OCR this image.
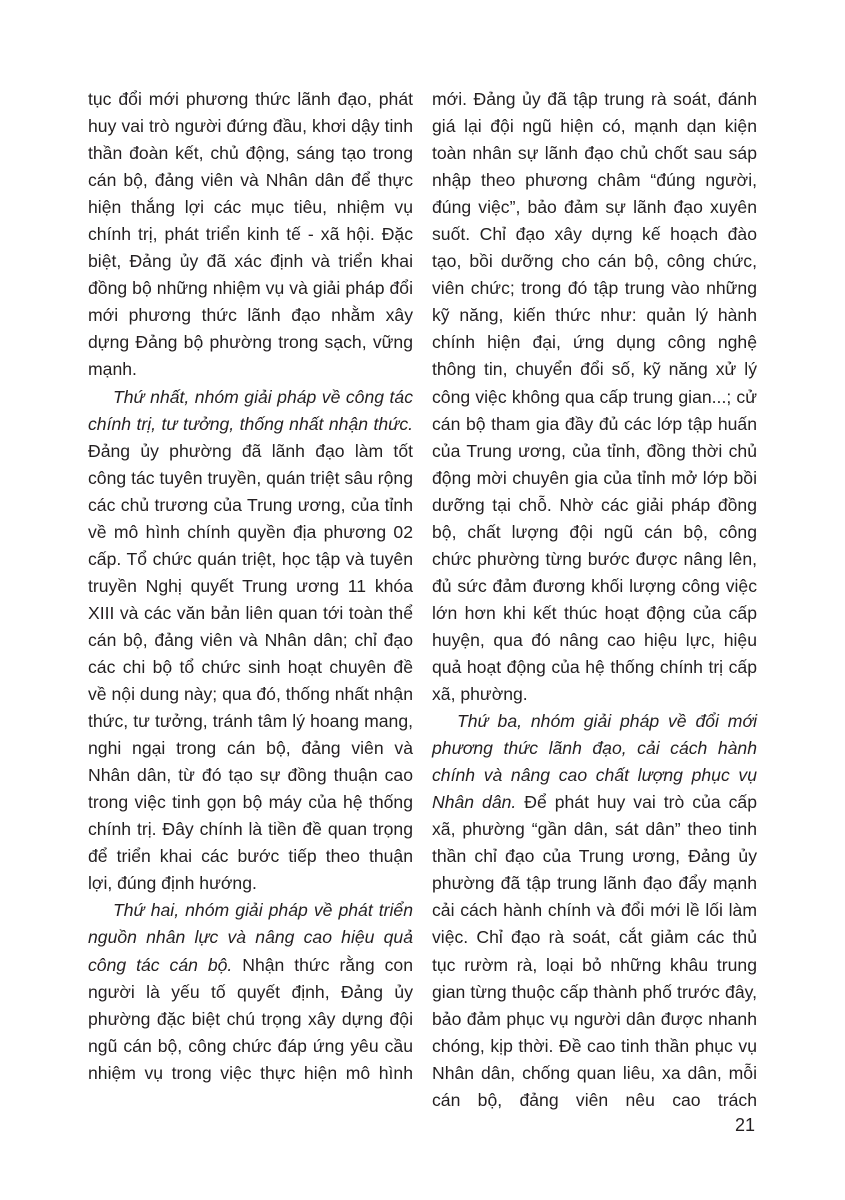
tục đổi mới phương thức lãnh đạo, phát huy vai trò người đứng đầu, khơi dậy tinh thần đoàn kết, chủ động, sáng tạo trong cán bộ, đảng viên và Nhân dân để thực hiện thắng lợi các mục tiêu, nhiệm vụ chính trị, phát triển kinh tế - xã hội. Đặc biệt, Đảng ủy đã xác định và triển khai đồng bộ những nhiệm vụ và giải pháp đổi mới phương thức lãnh đạo nhằm xây dựng Đảng bộ phường trong sạch, vững mạnh.

Thứ nhất, nhóm giải pháp về công tác chính trị, tư tưởng, thống nhất nhận thức. Đảng ủy phường đã lãnh đạo làm tốt công tác tuyên truyền, quán triệt sâu rộng các chủ trương của Trung ương, của tỉnh về mô hình chính quyền địa phương 02 cấp. Tổ chức quán triệt, học tập và tuyên truyền Nghị quyết Trung ương 11 khóa XIII và các văn bản liên quan tới toàn thể cán bộ, đảng viên và Nhân dân; chỉ đạo các chi bộ tổ chức sinh hoạt chuyên đề về nội dung này; qua đó, thống nhất nhận thức, tư tưởng, tránh tâm lý hoang mang, nghi ngại trong cán bộ, đảng viên và Nhân dân, từ đó tạo sự đồng thuận cao trong việc tinh gọn bộ máy của hệ thống chính trị. Đây chính là tiền đề quan trọng để triển khai các bước tiếp theo thuận lợi, đúng định hướng.

Thứ hai, nhóm giải pháp về phát triển nguồn nhân lực và nâng cao hiệu quả công tác cán bộ. Nhận thức rằng con người là yếu tố quyết định, Đảng ủy phường đặc biệt chú trọng xây dựng đội ngũ cán bộ, công chức đáp ứng yêu cầu nhiệm vụ trong việc thực hiện mô hình

mới. Đảng ủy đã tập trung rà soát, đánh giá lại đội ngũ hiện có, mạnh dạn kiện toàn nhân sự lãnh đạo chủ chốt sau sáp nhập theo phương châm “đúng người, đúng việc”, bảo đảm sự lãnh đạo xuyên suốt. Chỉ đạo xây dựng kế hoạch đào tạo, bồi dưỡng cho cán bộ, công chức, viên chức; trong đó tập trung vào những kỹ năng, kiến thức như: quản lý hành chính hiện đại, ứng dụng công nghệ thông tin, chuyển đổi số, kỹ năng xử lý công việc không qua cấp trung gian...; cử cán bộ tham gia đầy đủ các lớp tập huấn của Trung ương, của tỉnh, đồng thời chủ động mời chuyên gia của tỉnh mở lớp bồi dưỡng tại chỗ. Nhờ các giải pháp đồng bộ, chất lượng đội ngũ cán bộ, công chức phường từng bước được nâng lên, đủ sức đảm đương khối lượng công việc lớn hơn khi kết thúc hoạt động của cấp huyện, qua đó nâng cao hiệu lực, hiệu quả hoạt động của hệ thống chính trị cấp xã, phường.

Thứ ba, nhóm giải pháp về đổi mới phương thức lãnh đạo, cải cách hành chính và nâng cao chất lượng phục vụ Nhân dân. Để phát huy vai trò của cấp xã, phường “gần dân, sát dân” theo tinh thần chỉ đạo của Trung ương, Đảng ủy phường đã tập trung lãnh đạo đẩy mạnh cải cách hành chính và đổi mới lề lối làm việc. Chỉ đạo rà soát, cắt giảm các thủ tục rườm rà, loại bỏ những khâu trung gian từng thuộc cấp thành phố trước đây, bảo đảm phục vụ người dân được nhanh chóng, kịp thời. Đề cao tinh thần phục vụ Nhân dân, chống quan liêu, xa dân, mỗi cán bộ, đảng viên nêu cao trách

21
